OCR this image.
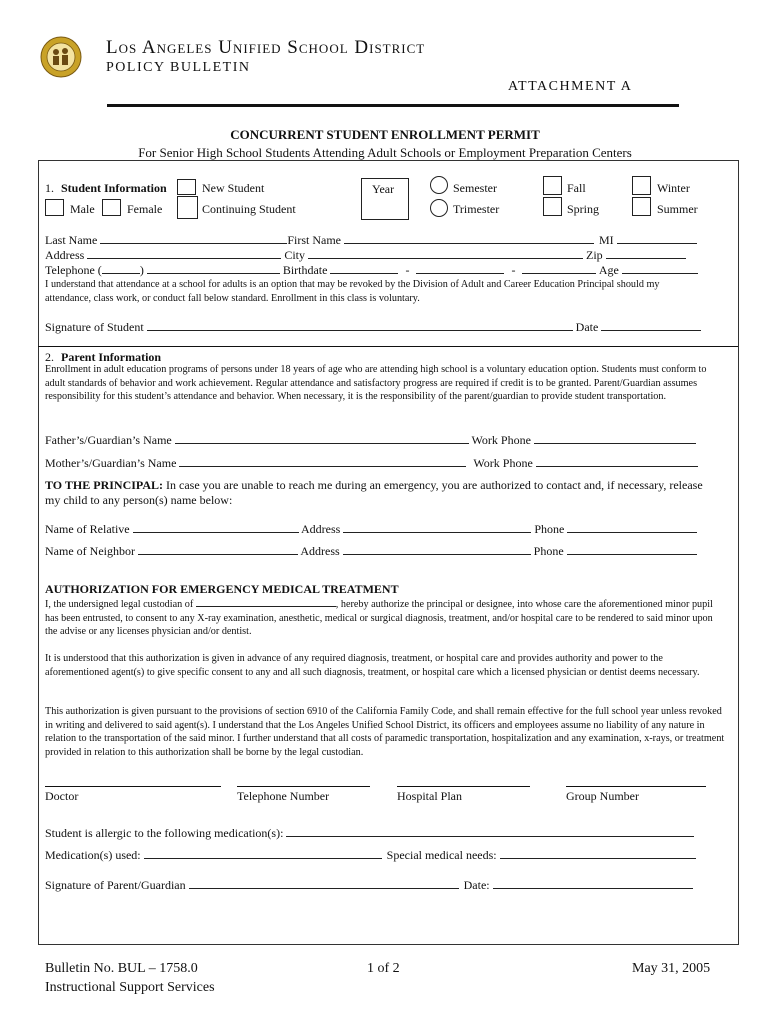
Los Angeles Unified School District
POLICY BULLETIN
ATTACHMENT A
CONCURRENT STUDENT ENROLLMENT PERMIT
For Senior High School Students Attending Adult Schools or Employment Preparation Centers
1. Student Information	New Student
Male	Female	Continuing Student
Year	Semester
Trimester
Fall
Spring
Winter
Summer
Last Name	First Name	MI
Address	City	Zip
Telephone (	)	Birthdate	-	-	Age
I understand that attendance at a school for adults is an option that may be revoked by the Division of Adult and Career Education Principal should my attendance, class work, or conduct fall below standard. Enrollment in this class is voluntary.
Signature of Student	Date
2. Parent Information
Enrollment in adult education programs of persons under 18 years of age who are attending high school is a voluntary education option. Students must conform to adult standards of behavior and work achievement. Regular attendance and satisfactory progress are required if credit is to be granted. Parent/Guardian assumes responsibility for this student’s attendance and behavior. When necessary, it is the responsibility of the parent/guardian to provide student transportation.
Father’s/Guardian’s Name	Work Phone
Mother’s/Guardian’s Name	Work Phone
TO THE PRINCIPAL: In case you are unable to reach me during an emergency, you are authorized to contact and, if necessary, release my child to any person(s) name below:
Name of Relative	Address	Phone
Name of Neighbor	Address	Phone
AUTHORIZATION FOR EMERGENCY MEDICAL TREATMENT
I, the undersigned legal custodian of	, hereby authorize the principal or designee, into whose care the aforementioned minor pupil has been entrusted, to consent to any X-ray examination, anesthetic, medical or surgical diagnosis, treatment, and/or hospital care to be rendered to said minor upon the advise or any licenses physician and/or dentist.
It is understood that this authorization is given in advance of any required diagnosis, treatment, or hospital care and provides authority and power to the aforementioned agent(s) to give specific consent to any and all such diagnosis, treatment, or hospital care which a licensed physician or dentist deems necessary.
This authorization is given pursuant to the provisions of section 6910 of the California Family Code, and shall remain effective for the full school year unless revoked in writing and delivered to said agent(s). I understand that the Los Angeles Unified School District, its officers and employees assume no liability of any nature in relation to the transportation of the said minor. I further understand that all costs of paramedic transportation, hospitalization and any examination, x-rays, or treatment provided in relation to this authorization shall be borne by the legal custodian.
Doctor	Telephone Number	Hospital Plan	Group Number
Student is allergic to the following medication(s):
Medication(s) used:	Special medical needs:
Signature of Parent/Guardian	Date:
Bulletin No. BUL – 1758.0
Instructional Support Services
1 of 2	May 31, 2005
